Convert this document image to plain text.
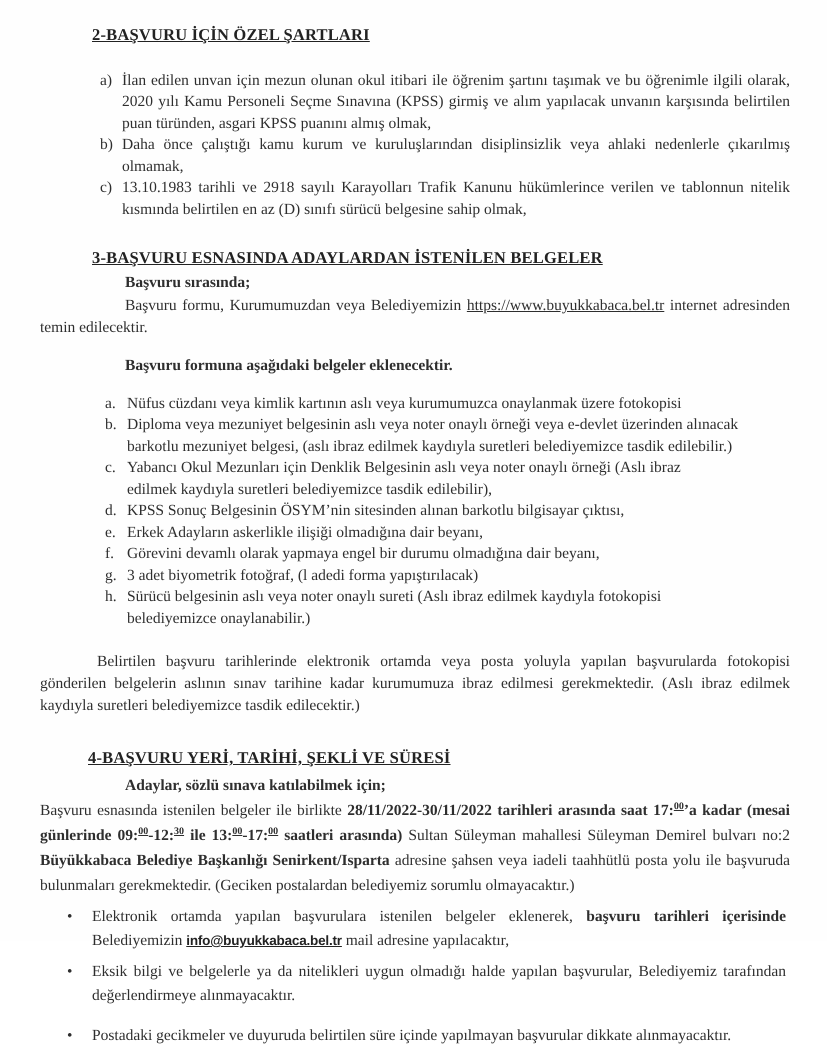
2-BAŞVURU İÇİN ÖZEL ŞARTLARI
a) İlan edilen unvan için mezun olunan okul itibari ile öğrenim şartını taşımak ve bu öğrenimle ilgili olarak, 2020 yılı Kamu Personeli Seçme Sınavına (KPSS) girmiş ve alım yapılacak unvanın karşısında belirtilen puan türünden, asgari KPSS puanını almış olmak,
b) Daha önce çalıştığı kamu kurum ve kuruluşlarından disiplinsizlik veya ahlaki nedenlerle çıkarılmış olmamak,
c) 13.10.1983 tarihli ve 2918 sayılı Karayolları Trafik Kanunu hükümlerince verilen ve tablonnun nitelik kısmında belirtilen en az (D) sınıfı sürücü belgesine sahip olmak,
3-BAŞVURU ESNASINDA ADAYLARDAN İSTENİLEN BELGELER
Başvuru sırasında;
Başvuru formu, Kurumumuzdan veya Belediyemizin https://www.buyukkabaca.bel.tr internet adresinden temin edilecektir.
Başvuru formuna aşağıdaki belgeler eklenecektir.
a. Nüfus cüzdanı veya kimlik kartının aslı veya kurumumuzca onaylanmak üzere fotokopisi
b. Diploma veya mezuniyet belgesinin aslı veya noter onaylı örneği veya e-devlet üzerinden alınacak barkotlu mezuniyet belgesi, (aslı ibraz edilmek kaydıyla suretleri belediyemizce tasdik edilebilir.)
c. Yabancı Okul Mezunları için Denklik Belgesinin aslı veya noter onaylı örneği (Aslı ibraz edilmek kaydıyla suretleri belediyemizce tasdik edilebilir),
d. KPSS Sonuç Belgesinin ÖSYM’nin sitesinden alınan barkotlu bilgisayar çıktısı,
e. Erkek Adayların askerlikle ilişiği olmadığına dair beyanı,
f. Görevini devamlı olarak yapmaya engel bir durumu olmadığına dair beyanı,
g. 3 adet biyometrik fotoğraf, (l adedi forma yapıştırılacak)
h. Sürücü belgesinin aslı veya noter onaylı sureti (Aslı ibraz edilmek kaydıyla fotokopisi belediyemizce onaylanabilir.)
Belirtilen başvuru tarihlerinde elektronik ortamda veya posta yoluyla yapılan başvurularda fotokopisi gönderilen belgelerin aslının sınav tarihine kadar kurumumuza ibraz edilmesi gerekmektedir. (Aslı ibraz edilmek kaydıyla suretleri belediyemizce tasdik edilecektir.)
4-BAŞVURU YERİ, TARİHİ, ŞEKLİ VE SÜRESİ
Adaylar, sözlü sınava katılabilmek için;
Başvuru esnasında istenilen belgeler ile birlikte 28/11/2022-30/11/2022 tarihleri arasında saat 17:$^{00}$’a kadar (mesai günlerinde 09:$^{00}$-12:$^{30}$ ile 13:$^{00}$-17:$^{00}$ saatleri arasında) Sultan Süleyman mahallesi Süleyman Demirel bulvarı no:2 Büyükkabaca Belediye Başkanlığı Senirkent/Isparta adresine şahsen veya iadeli taahhütlü posta yolu ile başvuruda bulunmaları gerekmektedir. (Geciken postalardan belediyemiz sorumlu olmayacaktır.)
•	Elektronik ortamda yapılan başvurulara istenilen belgeler eklenerek, başvuru tarihleri içerisinde Belediyemizin info@buyukkabaca.bel.tr mail adresine yapılacaktır,
•	Eksik bilgi ve belgelerle ya da nitelikleri uygun olmadığı halde yapılan başvurular, Belediyemiz tarafından değerlendirmeye alınmayacaktır.
•	Postadaki gecikmeler ve duyuruda belirtilen süre içinde yapılmayan başvurular dikkate alınmayacaktır.
